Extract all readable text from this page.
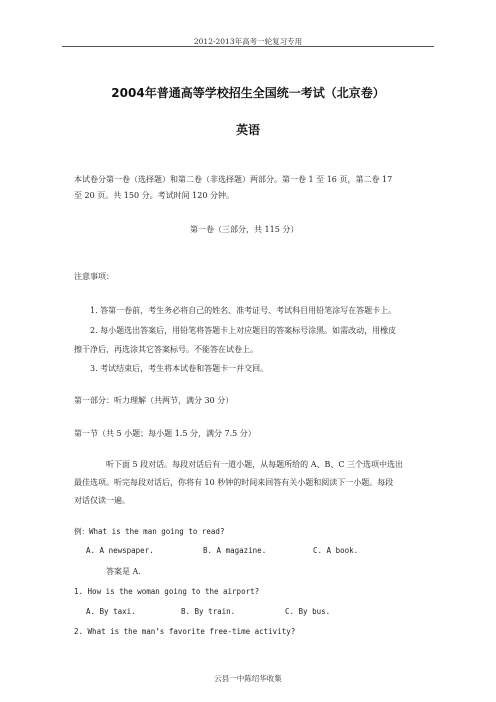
2012-2013年高考一轮复习专用
2004年普通高等学校招生全国统一考试（北京卷）
英语
本试卷分第一卷（选择题）和第二卷（非选择题）两部分。第一卷 1 至 16 页，第二卷 17
至 20 页。共 150 分。考试时间 120 分钟。
第一卷（三部分，共 115 分）
注意事项：
1. 答第一卷前，考生务必将自己的姓名、准考证号、考试科目用铅笔涂写在答题卡上。
2. 每小题选出答案后，用铅笔将答题卡上对应题目的答案标号涂黑。如需改动，用橡皮
擦干净后，再选涂其它答案标号。不能答在试卷上。
3. 考试结束后，考生将本试卷和答题卡一并交回。
第一部分：听力理解（共两节，满分 30 分）
第一节（共 5 小题；每小题 1.5 分，满分 7.5 分）
听下面 5 段对话。每段对话后有一道小题，从每题所给的 A、B、C 三个选项中选出
最佳选项。听完每段对话后，你将有 10 秒钟的时间来回答有关小题和阅读下一小题。每段
对话仅读一遍。
例：What is the man going to read?
A. A newspaper.	B. A magazine.	C. A book.
答案是 A.
1. How is the woman going to the airport?
A. By taxi.	B. By train.	C. By bus.
2. What is the man’s favorite free-time activity?
云县一中陈绍华收集
